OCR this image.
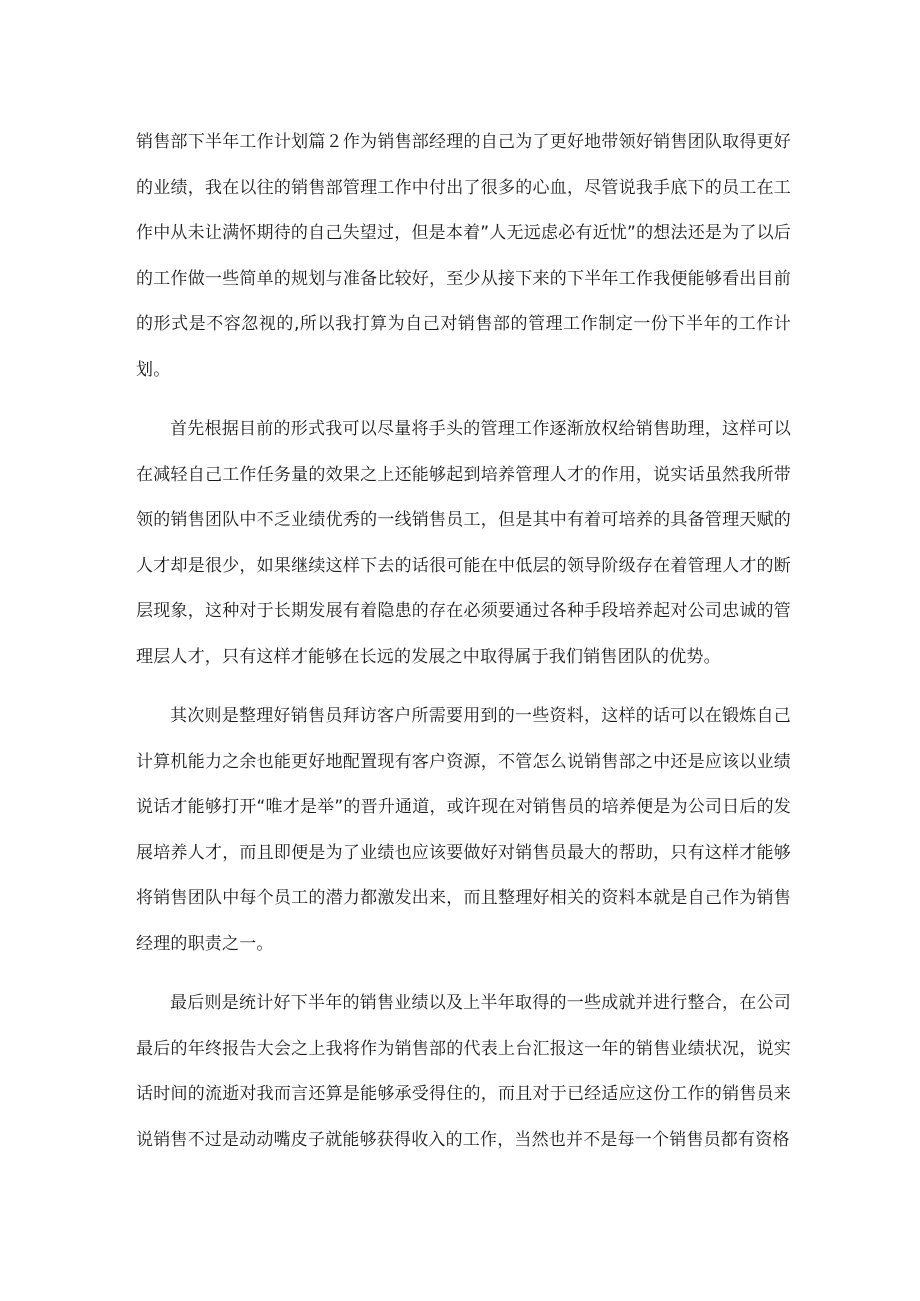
销售部下半年工作计划篇２作为销售部经理的自己为了更好地带领好销售团队取得更好的业绩，我在以往的销售部管理工作中付出了很多的心血，尽管说我手底下的员工在工作中从未让满怀期待的自己失望过，但是本着”人无远虑必有近忧”的想法还是为了以后的工作做一些简单的规划与准备比较好，至少从接下来的下半年工作我便能够看出目前的形式是不容忽视的,所以我打算为自己对销售部的管理工作制定一份下半年的工作计划。

首先根据目前的形式我可以尽量将手头的管理工作逐渐放权给销售助理，这样可以在减轻自己工作任务量的效果之上还能够起到培养管理人才的作用，说实话虽然我所带领的销售团队中不乏业绩优秀的一线销售员工，但是其中有着可培养的具备管理天赋的人才却是很少，如果继续这样下去的话很可能在中低层的领导阶级存在着管理人才的断层现象，这种对于长期发展有着隐患的存在必须要通过各种手段培养起对公司忠诚的管理层人才，只有这样才能够在长远的发展之中取得属于我们销售团队的优势。

其次则是整理好销售员拜访客户所需要用到的一些资料，这样的话可以在锻炼自己计算机能力之余也能更好地配置现有客户资源，不管怎么说销售部之中还是应该以业绩说话才能够打开“唯才是举”的晋升通道，或许现在对销售员的培养便是为公司日后的发展培养人才，而且即便是为了业绩也应该要做好对销售员最大的帮助，只有这样才能够将销售团队中每个员工的潜力都激发出来，而且整理好相关的资料本就是自己作为销售经理的职责之一。

最后则是统计好下半年的销售业绩以及上半年取得的一些成就并进行整合，在公司最后的年终报告大会之上我将作为销售部的代表上台汇报这一年的销售业绩状况，说实话时间的流逝对我而言还算是能够承受得住的，而且对于已经适应这份工作的销售员来说销售不过是动动嘴皮子就能够获得收入的工作，当然也并不是每一个销售员都有资格
